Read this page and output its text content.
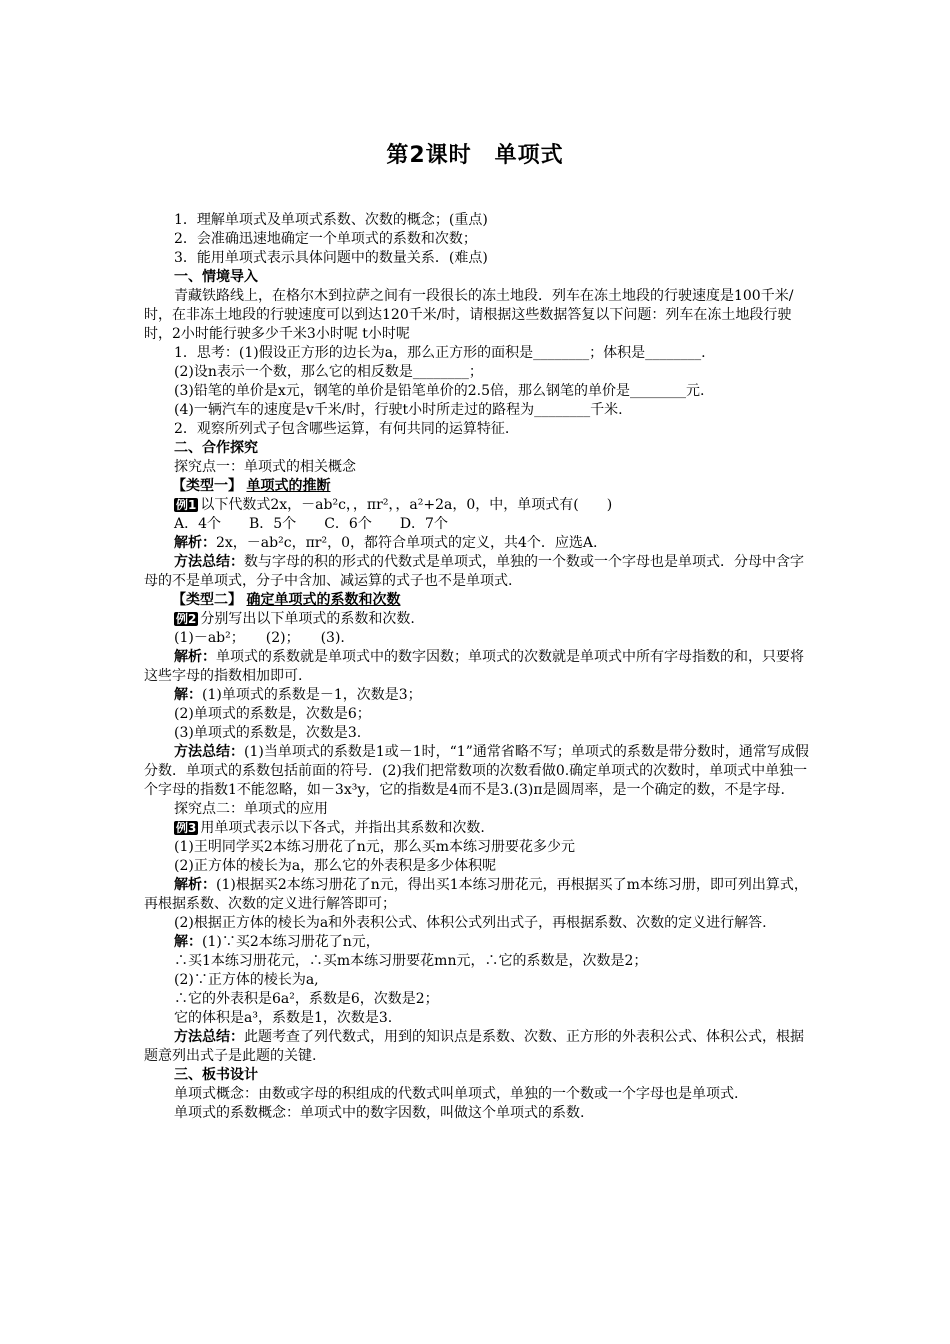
第2课时　单项式
1．理解单项式及单项式系数、次数的概念；(重点)
2．会准确迅速地确定一个单项式的系数和次数；
3．能用单项式表示具体问题中的数量关系．(难点)
一、情境导入
青藏铁路线上，在格尔木到拉萨之间有一段很长的冻土地段．列车在冻土地段的行驶速度是100千米/时，在非冻土地段的行驶速度可以到达120千米/时，请根据这些数据答复以下问题：列车在冻土地段行驶时，2小时能行驶多少千米3小时呢 t小时呢
1．思考：(1)假设正方形的边长为a，那么正方形的面积是________；体积是________.
(2)设n表示一个数，那么它的相反数是________；
(3)铅笔的单价是x元，钢笔的单价是铅笔单价的2.5倍，那么钢笔的单价是________元.
(4)一辆汽车的速度是v千米/时，行驶t小时所走过的路程为________千米.
2．观察所列式子包含哪些运算，有何共同的运算特征.
二、合作探究
探究点一：单项式的相关概念
【类型一】 单项式的推断
例1 以下代数式2x，－ab²c，，πr²，，a²+2a，0，中，单项式有(　　)
A．4个　　B．5个　　C．6个　　D．7个
解析：2x，－ab²c，πr²，0，都符合单项式的定义，共4个．应选A.
方法总结：数与字母的积的形式的代数式是单项式，单独的一个数或一个字母也是单项式．分母中含字母的不是单项式，分子中含加、减运算的式子也不是单项式.
【类型二】 确定单项式的系数和次数
例2 分别写出以下单项式的系数和次数.
(1)－ab²；　　(2)；　　(3).
解析：单项式的系数就是单项式中的数字因数；单项式的次数就是单项式中所有字母指数的和，只要将这些字母的指数相加即可.
解：(1)单项式的系数是－1，次数是3；
(2)单项式的系数是，次数是6；
(3)单项式的系数是，次数是3.
方法总结：(1)当单项式的系数是1或－1时，“1”通常省略不写；单项式的系数是带分数时，通常写成假分数．单项式的系数包括前面的符号．(2)我们把常数项的次数看做0.确定单项式的次数时，单项式中单独一个字母的指数1不能忽略，如－3x³y，它的指数是4而不是3.(3)π是圆周率，是一个确定的数，不是字母.
探究点二：单项式的应用
例3 用单项式表示以下各式，并指出其系数和次数.
(1)王明同学买2本练习册花了n元，那么买m本练习册要花多少元
(2)正方体的棱长为a，那么它的外表积是多少体积呢
解析：(1)根据买2本练习册花了n元，得出买1本练习册花元，再根据买了m本练习册，即可列出算式，再根据系数、次数的定义进行解答即可；
(2)根据正方体的棱长为a和外表积公式、体积公式列出式子，再根据系数、次数的定义进行解答.
解：(1)∵买2本练习册花了n元，
∴买1本练习册花元，∴买m本练习册要花mn元，∴它的系数是，次数是2；
(2)∵正方体的棱长为a,
∴它的外表积是6a²，系数是6，次数是2；
它的体积是a³，系数是1，次数是3.
方法总结：此题考查了列代数式，用到的知识点是系数、次数、正方形的外表积公式、体积公式，根据题意列出式子是此题的关键.
三、板书设计
单项式概念：由数或字母的积组成的代数式叫单项式，单独的一个数或一个字母也是单项式.
单项式的系数概念：单项式中的数字因数，叫做这个单项式的系数.
